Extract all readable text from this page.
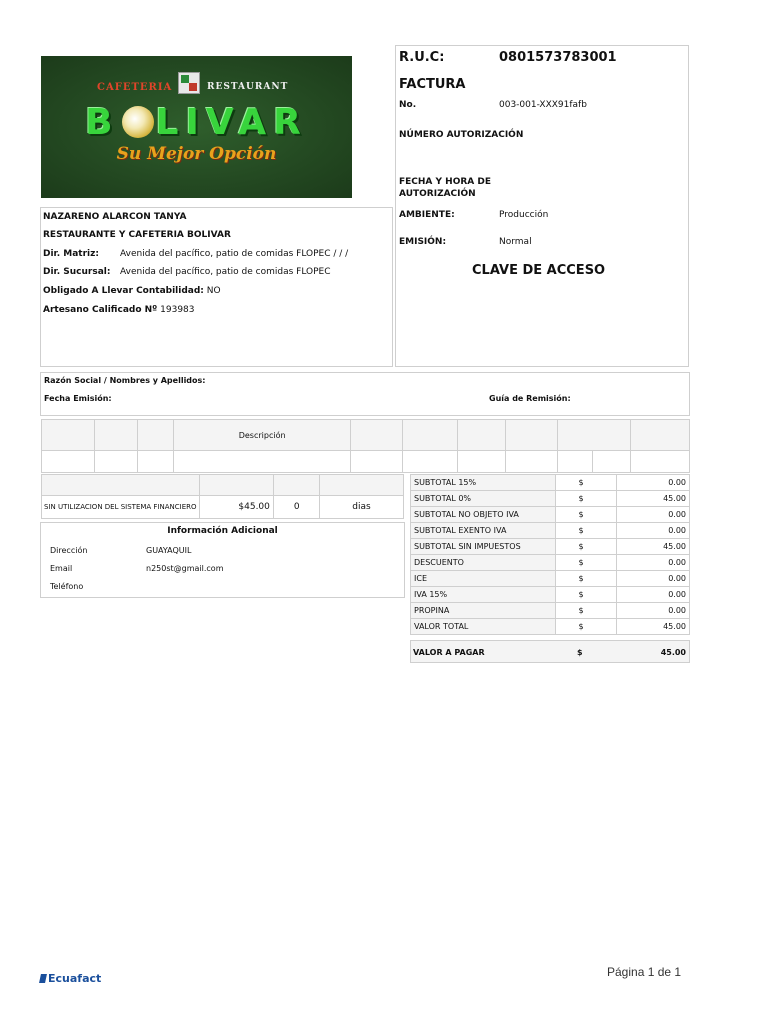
CAFETERIA	RESTAURANT
B LIVAR
Su Mejor Opción
R.U.C:	0801573783001
FACTURA
No.	003-001-XXX91fafb
NÚMERO AUTORIZACIÓN
FECHA Y HORA DE
AUTORIZACIÓN
AMBIENTE:	Producción
EMISIÓN:	Normal
CLAVE DE ACCESO
NAZARENO ALARCON TANYA
RESTAURANTE Y CAFETERIA BOLIVAR
Dir. Matriz: Avenida del pacífico, patio de comidas FLOPEC / / /
Dir. Sucursal: Avenida del pacífico, patio de comidas FLOPEC
Obligado A Llevar Contabilidad: NO
Artesano Calificado Nº 193983
Razón Social / Nombres y Apellidos:
Fecha Emisión:	Guía de Remisión:
			Descripción						

SIN UTILIZACION DEL SISTEMA FINANCIERO	$45.00	0	dias
Información Adicional
Dirección	GUAYAQUIL
Email	n250st@gmail.com
Teléfono
SUBTOTAL 15%	$	0.00
SUBTOTAL 0%	$	45.00
SUBTOTAL NO OBJETO IVA	$	0.00
SUBTOTAL EXENTO IVA	$	0.00
SUBTOTAL SIN IMPUESTOS	$	45.00
DESCUENTO	$	0.00
ICE	$	0.00
IVA 15%	$	0.00
PROPINA	$	0.00
VALOR TOTAL	$	45.00
VALOR A PAGAR	$	45.00
Ecuafact	Página 1 de 1
